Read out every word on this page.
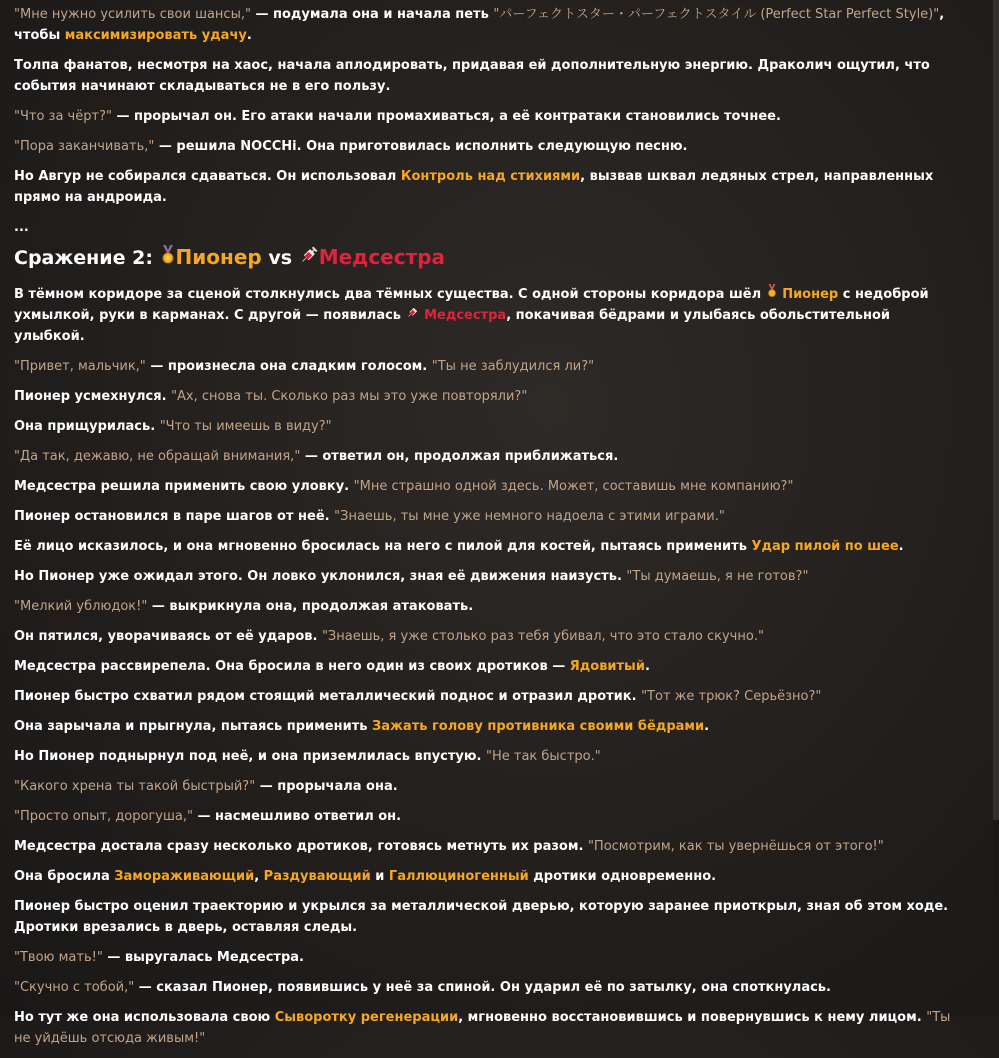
"Мне нужно усилить свои шансы," — подумала она и начала петь "パーフェクトスター・パーフェクトスタイル (Perfect Star Perfect Style)",
чтобы максимизировать удачу.

Толпа фанатов, несмотря на хаос, начала аплодировать, придавая ей дополнительную энергию. Дракoлич ощутил, что события начинают складываться не в его пользу.

"Что за чёрт?" — прорычал он. Его атаки начали промахиваться, а её контратаки становились точнее.

"Пора заканчивать," — решила NOCCHi. Она приготовилась исполнить следующую песню.

Но Авгур не собирался сдаваться. Он использовал Контроль над стихиями, вызвав шквал ледяных стрел, направленных прямо на андроида.

...

Сражение 2: Пионер vs Медсестра

В тёмном коридоре за сценой столкнулись два тёмных существа. С одной стороны коридора шёл  Пионер с недоброй ухмылкой, руки в карманах. С другой — появилась  Медсестра, покачивая бёдрами и улыбаясь обольстительной улыбкой.

"Привет, мальчик," — произнесла она сладким голосом. "Ты не заблудился ли?"

Пионер усмехнулся. "Ах, снова ты. Сколько раз мы это уже повторяли?"

Она прищурилась. "Что ты имеешь в виду?"

"Да так, дежавю, не обращай внимания," — ответил он, продолжая приближаться.

Медсестра решила применить свою уловку. "Мне страшно одной здесь. Может, составишь мне компанию?"

Пионер остановился в паре шагов от неё. "Знаешь, ты мне уже немного надоела с этими играми."

Её лицо исказилось, и она мгновенно бросилась на него с пилой для костей, пытаясь применить Удар пилой по шее.

Но Пионер уже ожидал этого. Он ловко уклонился, зная её движения наизусть. "Ты думаешь, я не готов?"

"Мелкий ублюдок!" — выкрикнула она, продолжая атаковать.

Он пятился, уворачиваясь от её ударов. "Знаешь, я уже столько раз тебя убивал, что это стало скучно."

Медсестра рассвирепела. Она бросила в него один из своих дротиков — Ядовитый.

Пионер быстро схватил рядом стоящий металлический поднос и отразил дротик. "Тот же трюк? Серьёзно?"

Она зарычала и прыгнула, пытаясь применить Зажать голову противника своими бёдрами.

Но Пионер поднырнул под неё, и она приземлилась впустую. "Не так быстро."

"Какого хрена ты такой быстрый?" — прорычала она.

"Просто опыт, дорогуша," — насмешливо ответил он.

Медсестра достала сразу несколько дротиков, готовясь метнуть их разом. "Посмотрим, как ты увернёшься от этого!"

Она бросила Замораживающий, Раздувающий и Галлюциногенный дротики одновременно.

Пионер быстро оценил траекторию и укрылся за металлической дверью, которую заранее приоткрыл, зная об этом ходе. Дротики врезались в дверь, оставляя следы.

"Твою мать!" — выругалась Медсестра.

"Скучно с тобой," — сказал Пионер, появившись у неё за спиной. Он ударил её по затылку, она споткнулась.

Но тут же она использовала свою Сыворотку регенерации, мгновенно восстановившись и повернувшись к нему лицом. "Ты не уйдёшь отсюда живым!"
